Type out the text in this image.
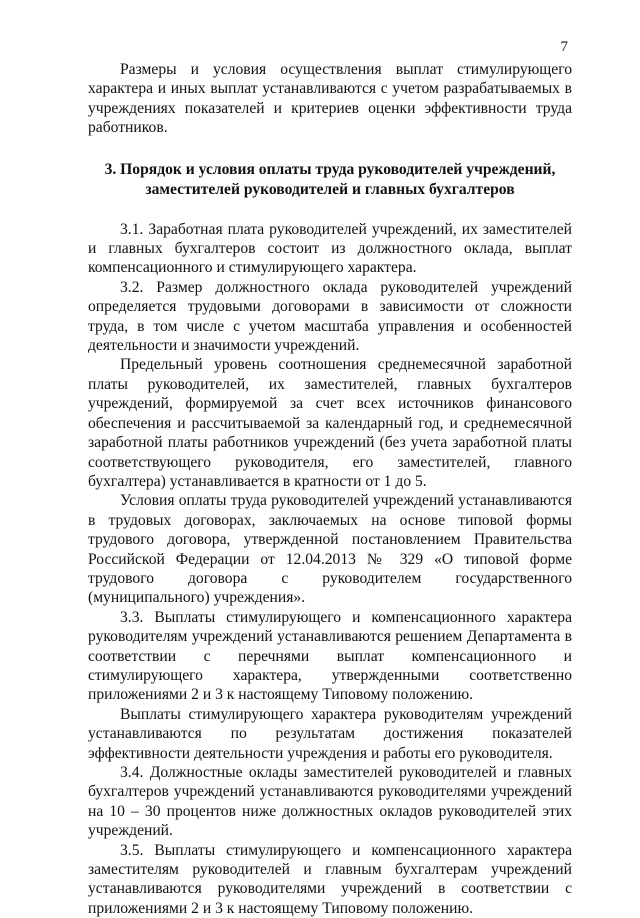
7

Размеры и условия осуществления выплат стимулирующего характера и иных выплат устанавливаются с учетом разрабатываемых в учреждениях показателей и критериев оценки эффективности труда работников.

3. Порядок и условия оплаты труда руководителей учреждений,
заместителей руководителей и главных бухгалтеров

3.1. Заработная плата руководителей учреждений, их заместителей и главных бухгалтеров состоит из должностного оклада, выплат компенсационного и стимулирующего характера.

3.2. Размер должностного оклада руководителей учреждений определяется трудовыми договорами в зависимости от сложности труда, в том числе с учетом масштаба управления и особенностей деятельности и значимости учреждений.

Предельный уровень соотношения среднемесячной заработной платы руководителей, их заместителей, главных бухгалтеров учреждений, формируемой за счет всех источников финансового обеспечения и рассчитываемой за календарный год, и среднемесячной заработной платы работников учреждений (без учета заработной платы соответствующего руководителя, его заместителей, главного бухгалтера) устанавливается в кратности от 1 до 5.

Условия оплаты труда руководителей учреждений устанавливаются в трудовых договорах, заключаемых на основе типовой формы трудового договора, утвержденной постановлением Правительства Российской Федерации от 12.04.2013 № 329 «О типовой форме трудового договора с руководителем государственного (муниципального) учреждения».

3.3. Выплаты стимулирующего и компенсационного характера руководителям учреждений устанавливаются решением Департамента в соответствии с перечнями выплат компенсационного и стимулирующего характера, утвержденными соответственно приложениями 2 и 3 к настоящему Типовому положению.

Выплаты стимулирующего характера руководителям учреждений устанавливаются по результатам достижения показателей эффективности деятельности учреждения и работы его руководителя.

3.4. Должностные оклады заместителей руководителей и главных бухгалтеров учреждений устанавливаются руководителями учреждений на 10 – 30 процентов ниже должностных окладов руководителей этих учреждений.

3.5. Выплаты стимулирующего и компенсационного характера заместителям руководителей и главным бухгалтерам учреждений устанавливаются руководителями учреждений в соответствии с приложениями 2 и 3 к настоящему Типовому положению.
